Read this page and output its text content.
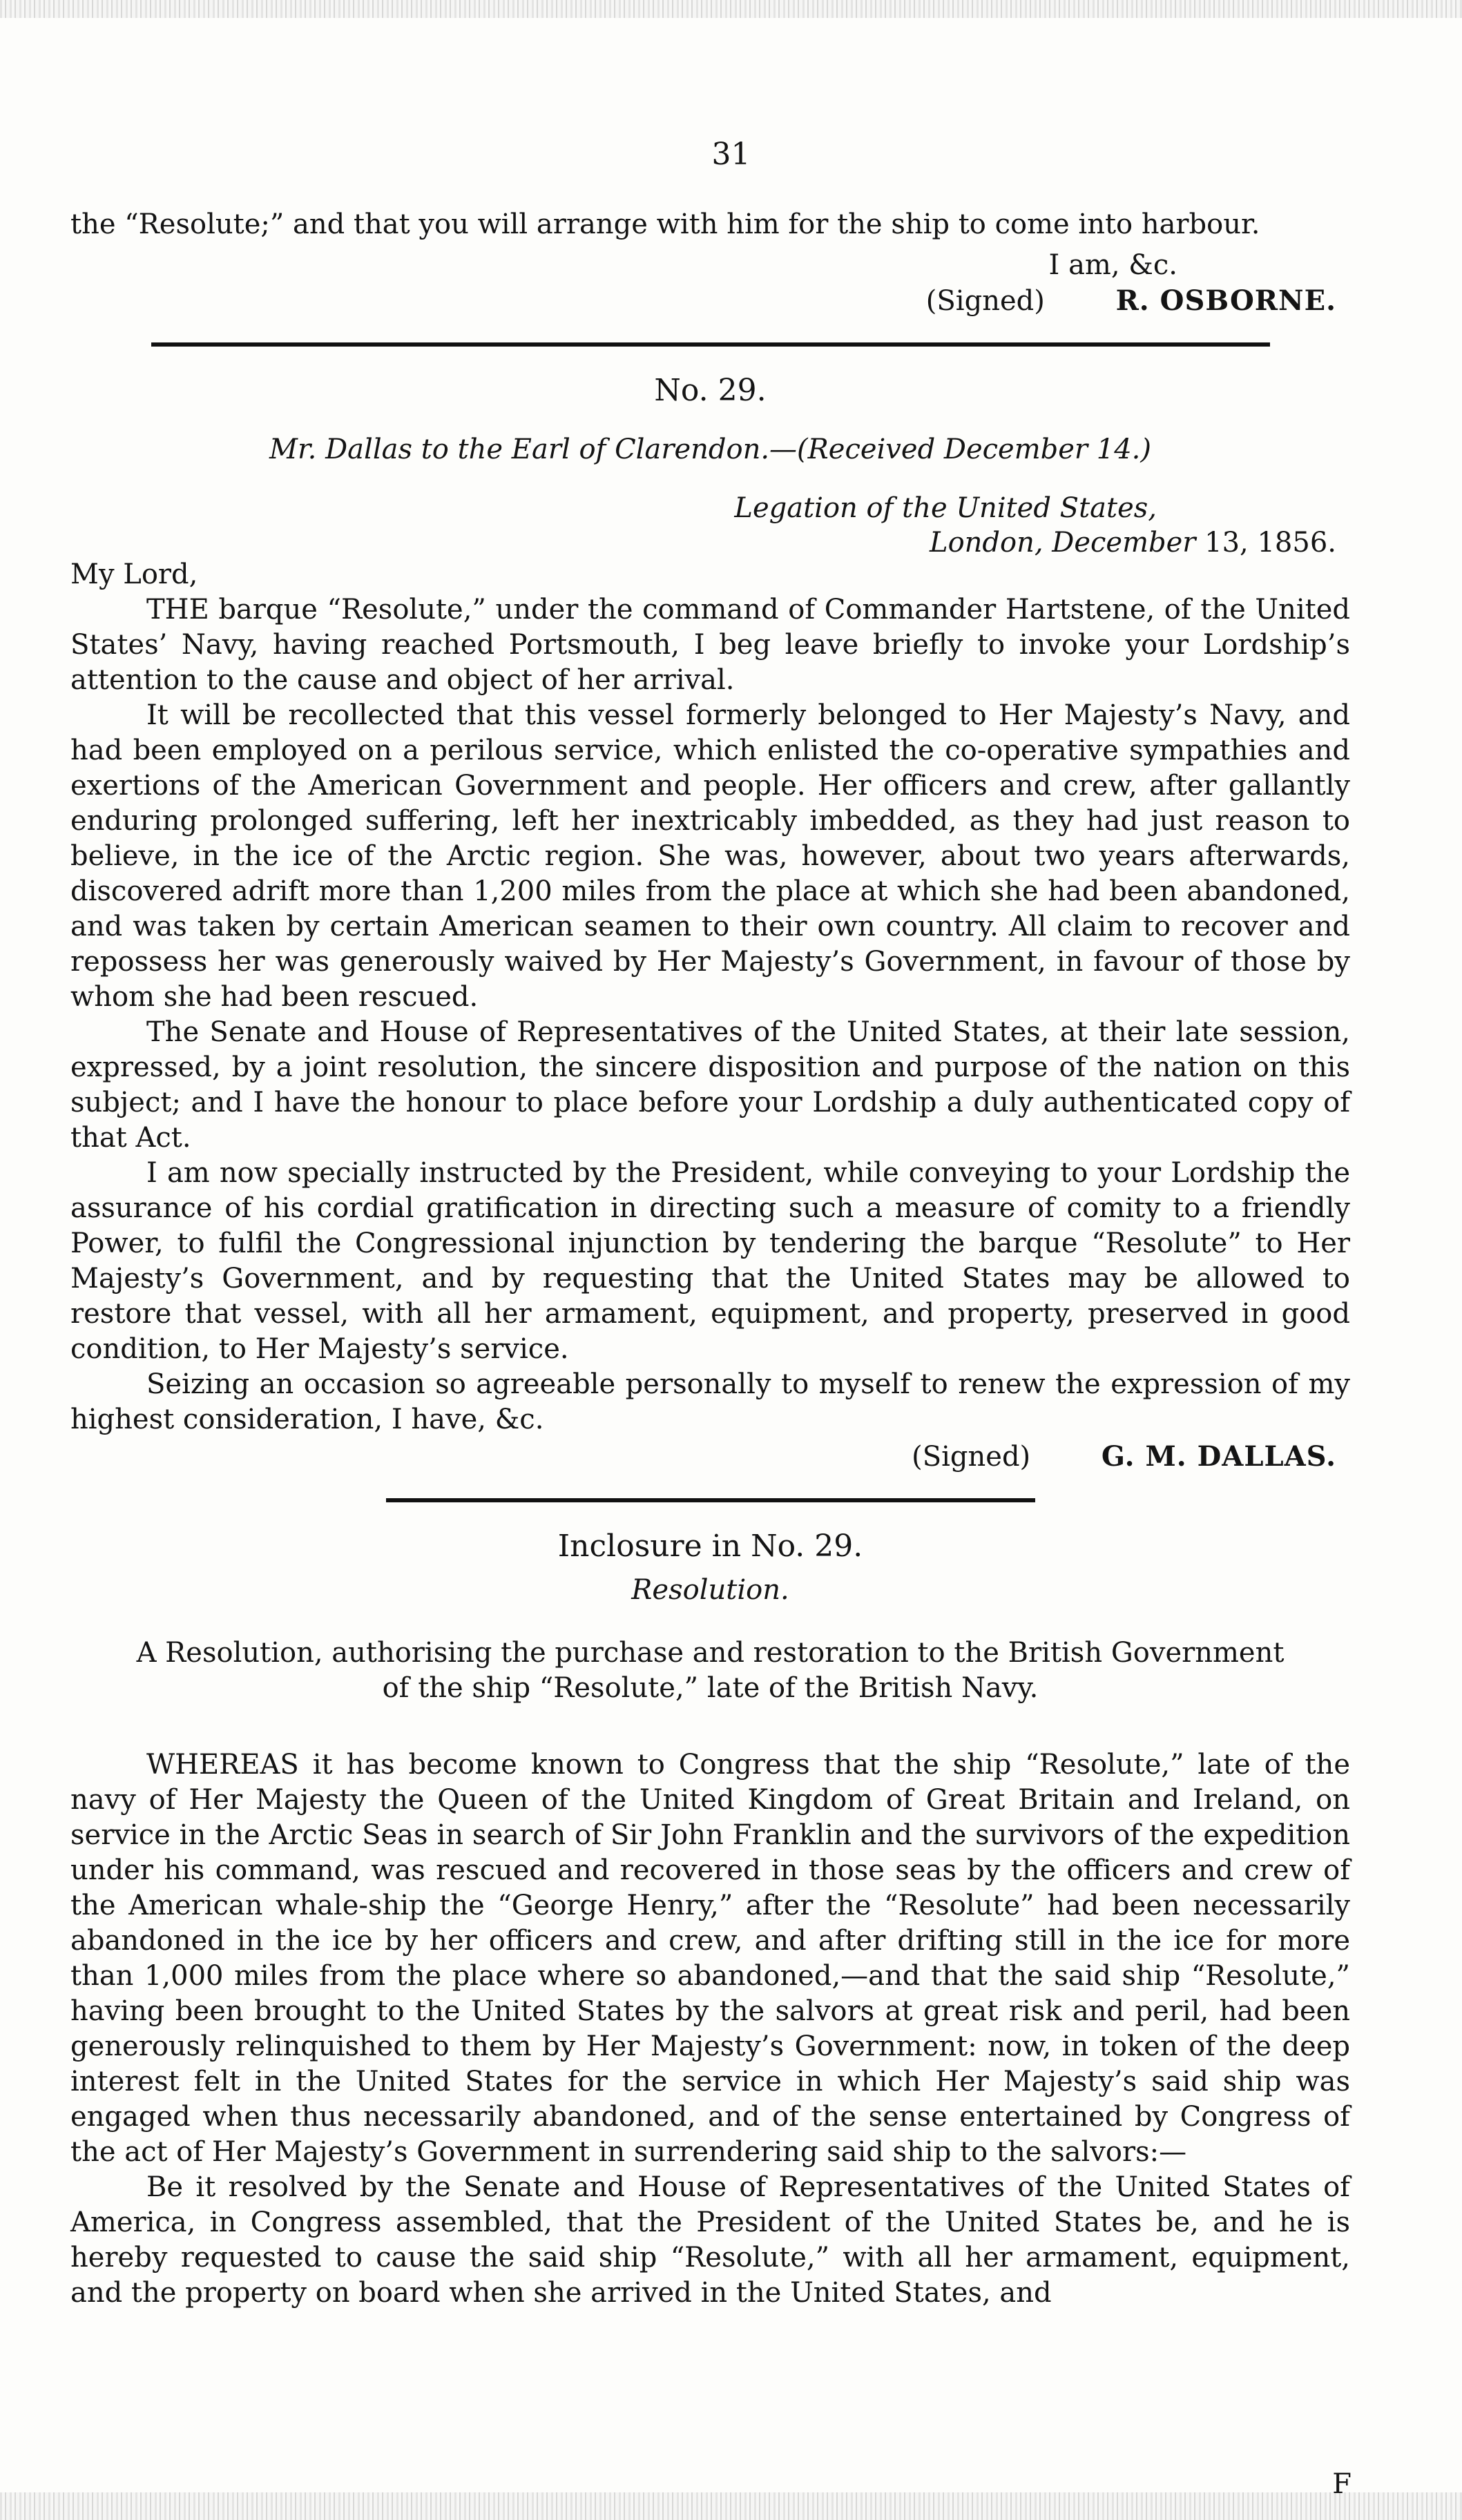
31

the “Resolute;” and that you will arrange with him for the ship to come into harbour.

I am, &c.
(Signed)	R. OSBORNE.
No. 29.
Mr. Dallas to the Earl of Clarendon.—(Received December 14.)
Legation of the United States,
London, December 13, 1856.

My Lord,

THE barque “Resolute,” under the command of Commander Hartstene, of the United States’ Navy, having reached Portsmouth, I beg leave briefly to invoke your Lordship’s attention to the cause and object of her arrival.

It will be recollected that this vessel formerly belonged to Her Majesty’s Navy, and had been employed on a perilous service, which enlisted the co-operative sympathies and exertions of the American Government and people. Her officers and crew, after gallantly enduring prolonged suffering, left her inextricably imbedded, as they had just reason to believe, in the ice of the Arctic region. She was, however, about two years afterwards, discovered adrift more than 1,200 miles from the place at which she had been abandoned, and was taken by certain American seamen to their own country. All claim to recover and repossess her was generously waived by Her Majesty’s Government, in favour of those by whom she had been rescued.

The Senate and House of Representatives of the United States, at their late session, expressed, by a joint resolution, the sincere disposition and purpose of the nation on this subject; and I have the honour to place before your Lordship a duly authenticated copy of that Act.

I am now specially instructed by the President, while conveying to your Lordship the assurance of his cordial gratification in directing such a measure of comity to a friendly Power, to fulfil the Congressional injunction by tendering the barque “Resolute” to Her Majesty’s Government, and by requesting that the United States may be allowed to restore that vessel, with all her armament, equipment, and property, preserved in good condition, to Her Majesty’s service.

Seizing an occasion so agreeable personally to myself to renew the expression of my highest consideration, I have, &c.

(Signed)	G. M. DALLAS.
Inclosure in No. 29.
Resolution.
A Resolution, authorising the purchase and restoration to the British Government
of the ship “Resolute,” late of the British Navy.

WHEREAS it has become known to Congress that the ship “Resolute,” late of the navy of Her Majesty the Queen of the United Kingdom of Great Britain and Ireland, on service in the Arctic Seas in search of Sir John Franklin and the survivors of the expedition under his command, was rescued and recovered in those seas by the officers and crew of the American whale-ship the “George Henry,” after the “Resolute” had been necessarily abandoned in the ice by her officers and crew, and after drifting still in the ice for more than 1,000 miles from the place where so abandoned,—and that the said ship “Resolute,” having been brought to the United States by the salvors at great risk and peril, had been generously relinquished to them by Her Majesty’s Government: now, in token of the deep interest felt in the United States for the service in which Her Majesty’s said ship was engaged when thus necessarily abandoned, and of the sense entertained by Congress of the act of Her Majesty’s Government in surrendering said ship to the salvors:—

Be it resolved by the Senate and House of Representatives of the United States of America, in Congress assembled, that the President of the United States be, and he is hereby requested to cause the said ship “Resolute,” with all her armament, equipment, and the property on board when she arrived in the United States, and

F
